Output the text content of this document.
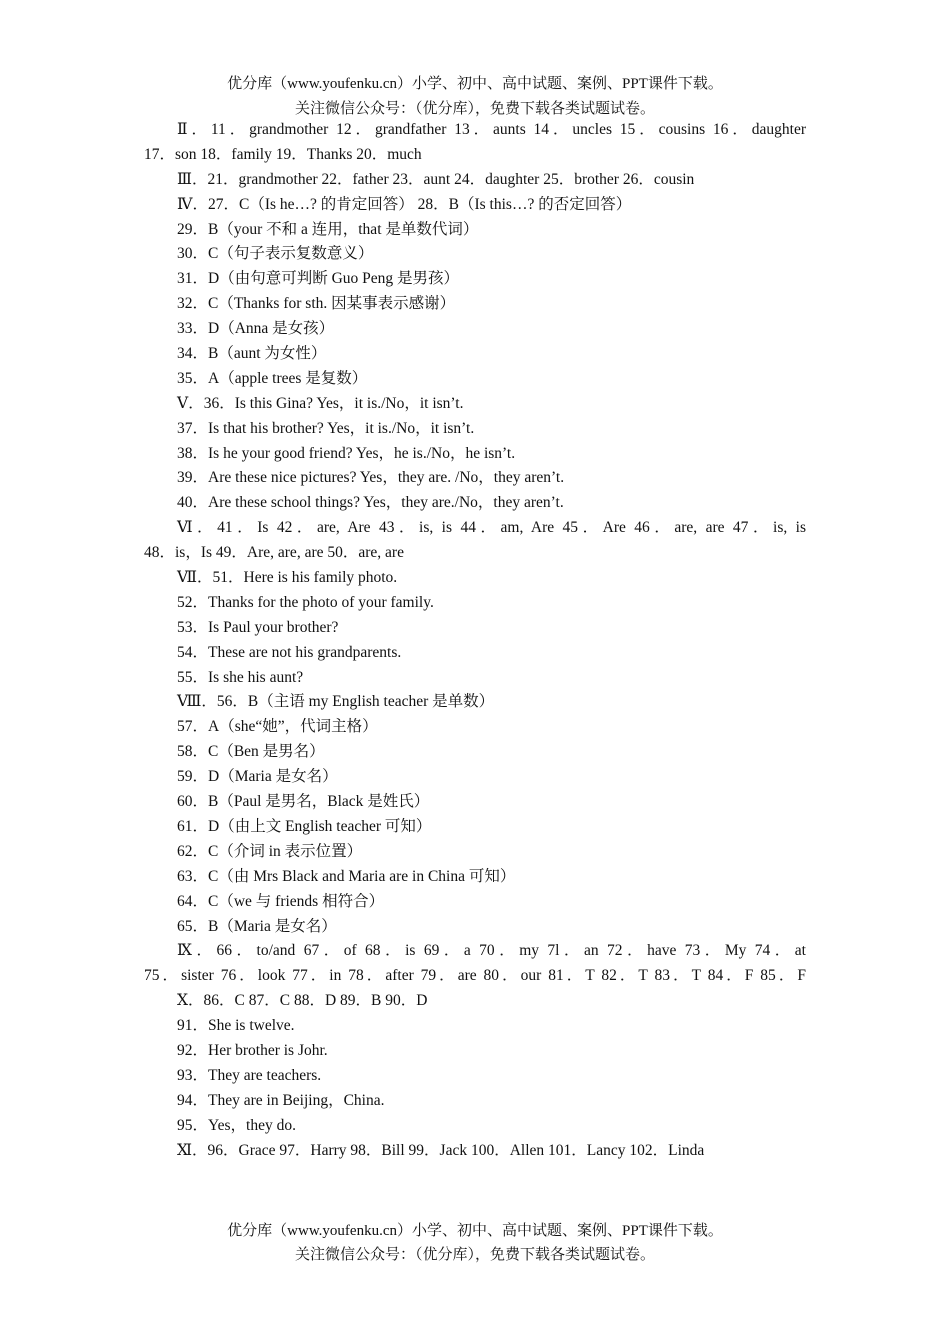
优分库（www.youfenku.cn）小学、初中、高中试题、案例、PPT课件下载。
关注微信公众号：（优分库），免费下载各类试题试卷。
Ⅱ．11．grandmother 12．grandfather 13．aunts 14．uncles 15．cousins 16．daughter
17．son 18．family 19．Thanks 20．much
Ⅲ．21．grandmother 22．father 23．aunt 24．daughter 25．brother 26．cousin
Ⅳ．27．C（Is he…? 的肯定回答） 28．B（Is this…? 的否定回答）
29．B（your 不和 a 连用，that 是单数代词）
30．C（句子表示复数意义）
31．D（由句意可判断 Guo Peng 是男孩）
32．C（Thanks for sth. 因某事表示感谢）
33．D（Anna 是女孩）
34．B（aunt 为女性）
35．A（apple trees 是复数）
Ⅴ．36．Is this Gina? Yes，it is./No，it isn’t.
37．Is that his brother? Yes，it is./No，it isn’t.
38．Is he your good friend? Yes，he is./No，he isn’t.
39．Are these nice pictures? Yes，they are. /No，they aren’t.
40．Are these school things? Yes，they are./No，they aren’t.
Ⅵ．41．Is 42．are, Are 43．is, is 44．am, Are 45．Are 46．are, are 47．is, is
48．is，Is 49．Are, are, are 50．are, are
Ⅶ．51．Here is his family photo.
52．Thanks for the photo of your family.
53．Is Paul your brother?
54．These are not his grandparents.
55．Is she his aunt?
Ⅷ．56．B（主语 my English teacher 是单数）
57．A（she“她”，代词主格）
58．C（Ben 是男名）
59．D（Maria 是女名）
60．B（Paul 是男名，Black 是姓氏）
61．D（由上文 English teacher 可知）
62．C（介词 in 表示位置）
63．C（由 Mrs Black and Maria are in China 可知）
64．C（we 与 friends 相符合）
65．B（Maria 是女名）
Ⅸ．66．to/and 67．of 68．is 69．a 70．my 7l．an 72．have 73．My 74．at
75．sister 76．look 77．in 78．after 79．are 80．our 81．T 82．T 83．T 84．F 85．F
Ⅹ．86．C 87．C 88．D 89．B 90．D
91．She is twelve.
92．Her brother is Johr.
93．They are teachers.
94．They are in Beijing，China.
95．Yes，they do.
Ⅺ．96．Grace 97．Harry 98．Bill 99．Jack 100．Allen 101．Lancy 102．Linda
优分库（www.youfenku.cn）小学、初中、高中试题、案例、PPT课件下载。
关注微信公众号：（优分库），免费下载各类试题试卷。
